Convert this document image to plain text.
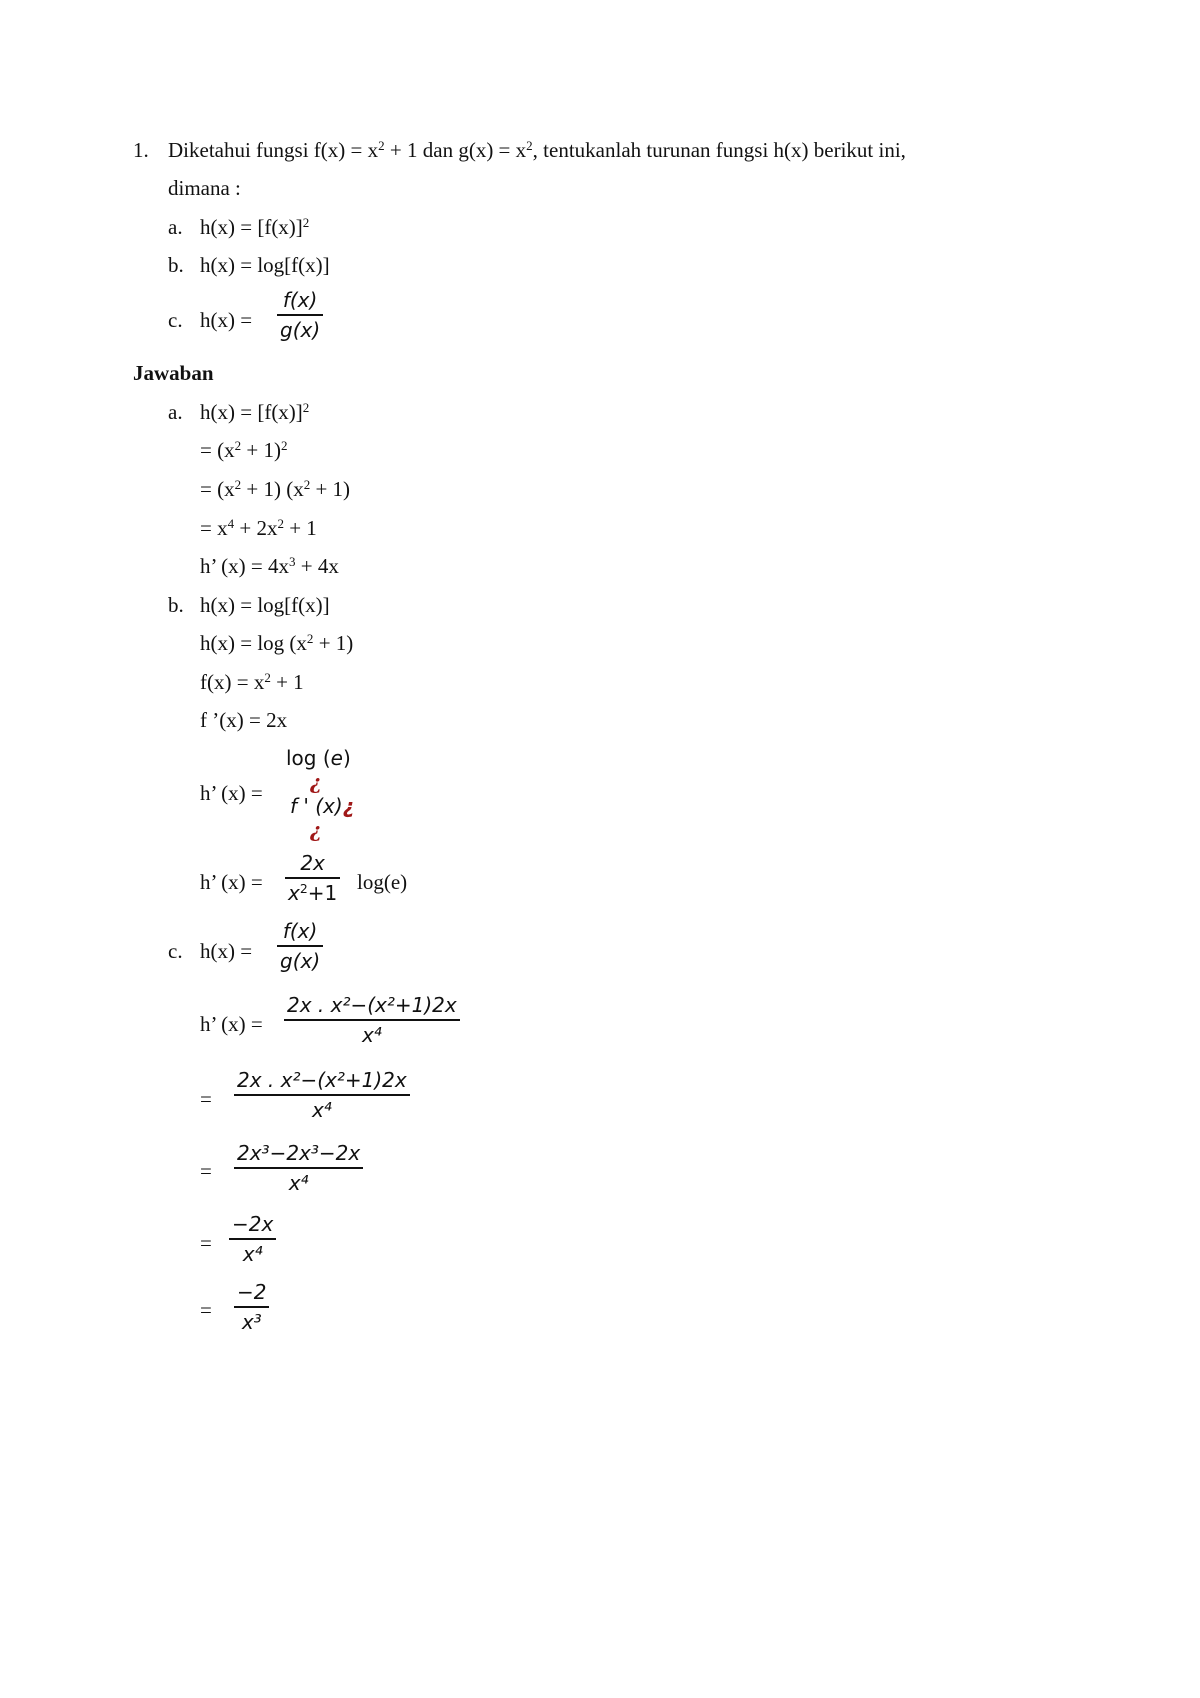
1. Diketahui fungsi $f(x) = x^2 + 1$ dan $g(x) = x^2$, tentukanlah turunan fungsi h(x) berikut ini,
dimana :
a. $h(x) = [f(x)]^2$
b. h(x) = log[f(x)]
c. h(x) =
f(x)
g(x)
Jawaban
a. $h(x) = [f(x)]^2$
= $(x^2 + 1)^2$
= $(x^2 + 1) (x^2 + 1)$
= $x^4 + 2x^2 + 1$
h’ $(x) = 4x^3 + 4x$
b. h(x) = log[f(x)]
$h(x) = \log (x^2 + 1)$
$f(x) = x^2 + 1$
f ’(x) = 2x
h’ (x) =
log (e)
¿
f ' (x)¿
¿
h’ (x) =
2x
$x^2+1$ log(e)
c. h(x) =
f(x)
g(x)
h’ (x) =
2x . x²−(x²+1)2x
x⁴
=
2x . x²−(x²+1)2x
x⁴
=
2x³−2x³−2x
x⁴
=
−2x
x⁴
=
−2
x³
